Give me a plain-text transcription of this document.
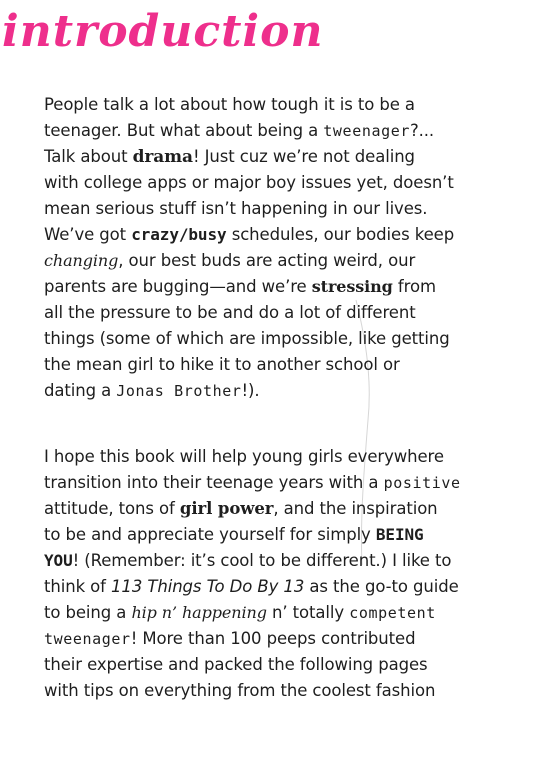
introduction
People talk a lot about how tough it is to be a
teenager. But what about being a tweenager?...
Talk about drama! Just cuz we’re not dealing
with college apps or major boy issues yet, doesn’t
mean serious stuff isn’t happening in our lives.
We’ve got crazy/busy schedules, our bodies keep
changing, our best buds are acting weird, our
parents are bugging—and we’re stressing from
all the pressure to be and do a lot of different
things (some of which are impossible, like getting
the mean girl to hike it to another school or
dating a Jonas Brother!).
I hope this book will help young girls everywhere
transition into their teenage years with a positive
attitude, tons of girl power, and the inspiration
to be and appreciate yourself for simply BEING
YOU! (Remember: it’s cool to be different.) I like to
think of 113 Things To Do By 13 as the go-to guide
to being a hip n’ happening n’ totally competent
tweenager! More than 100 peeps contributed
their expertise and packed the following pages
with tips on everything from the coolest fashion
